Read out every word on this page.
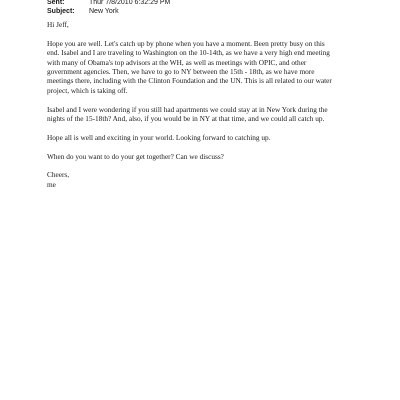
Sent:	Thur 7/8/2010 6:32:29 PM
Subject:	New York
Hi Jeff,
Hope you are well. Let's catch up by phone when you have a moment. Been pretty busy on this
end. Isabel and I are traveling to Washington on the 10-14th, as we have a very high end meeting
with many of Obama's top advisors at the WH, as well as meetings with OPIC, and other
government agencies. Then, we have to go to NY between the 15th - 18th, as we have more
meetings there, including with the Clinton Foundation and the UN. This is all related to our water
project, which is taking off.
Isabel and I were wondering if you still had apartments we could stay at in New York during the
nights of the 15-18th? And, also, if you would be in NY at that time, and we could all catch up.
Hope all is well and exciting in your world. Looking forward to catching up.
When do you want to do your get together? Can we discuss?
Cheers,
me
